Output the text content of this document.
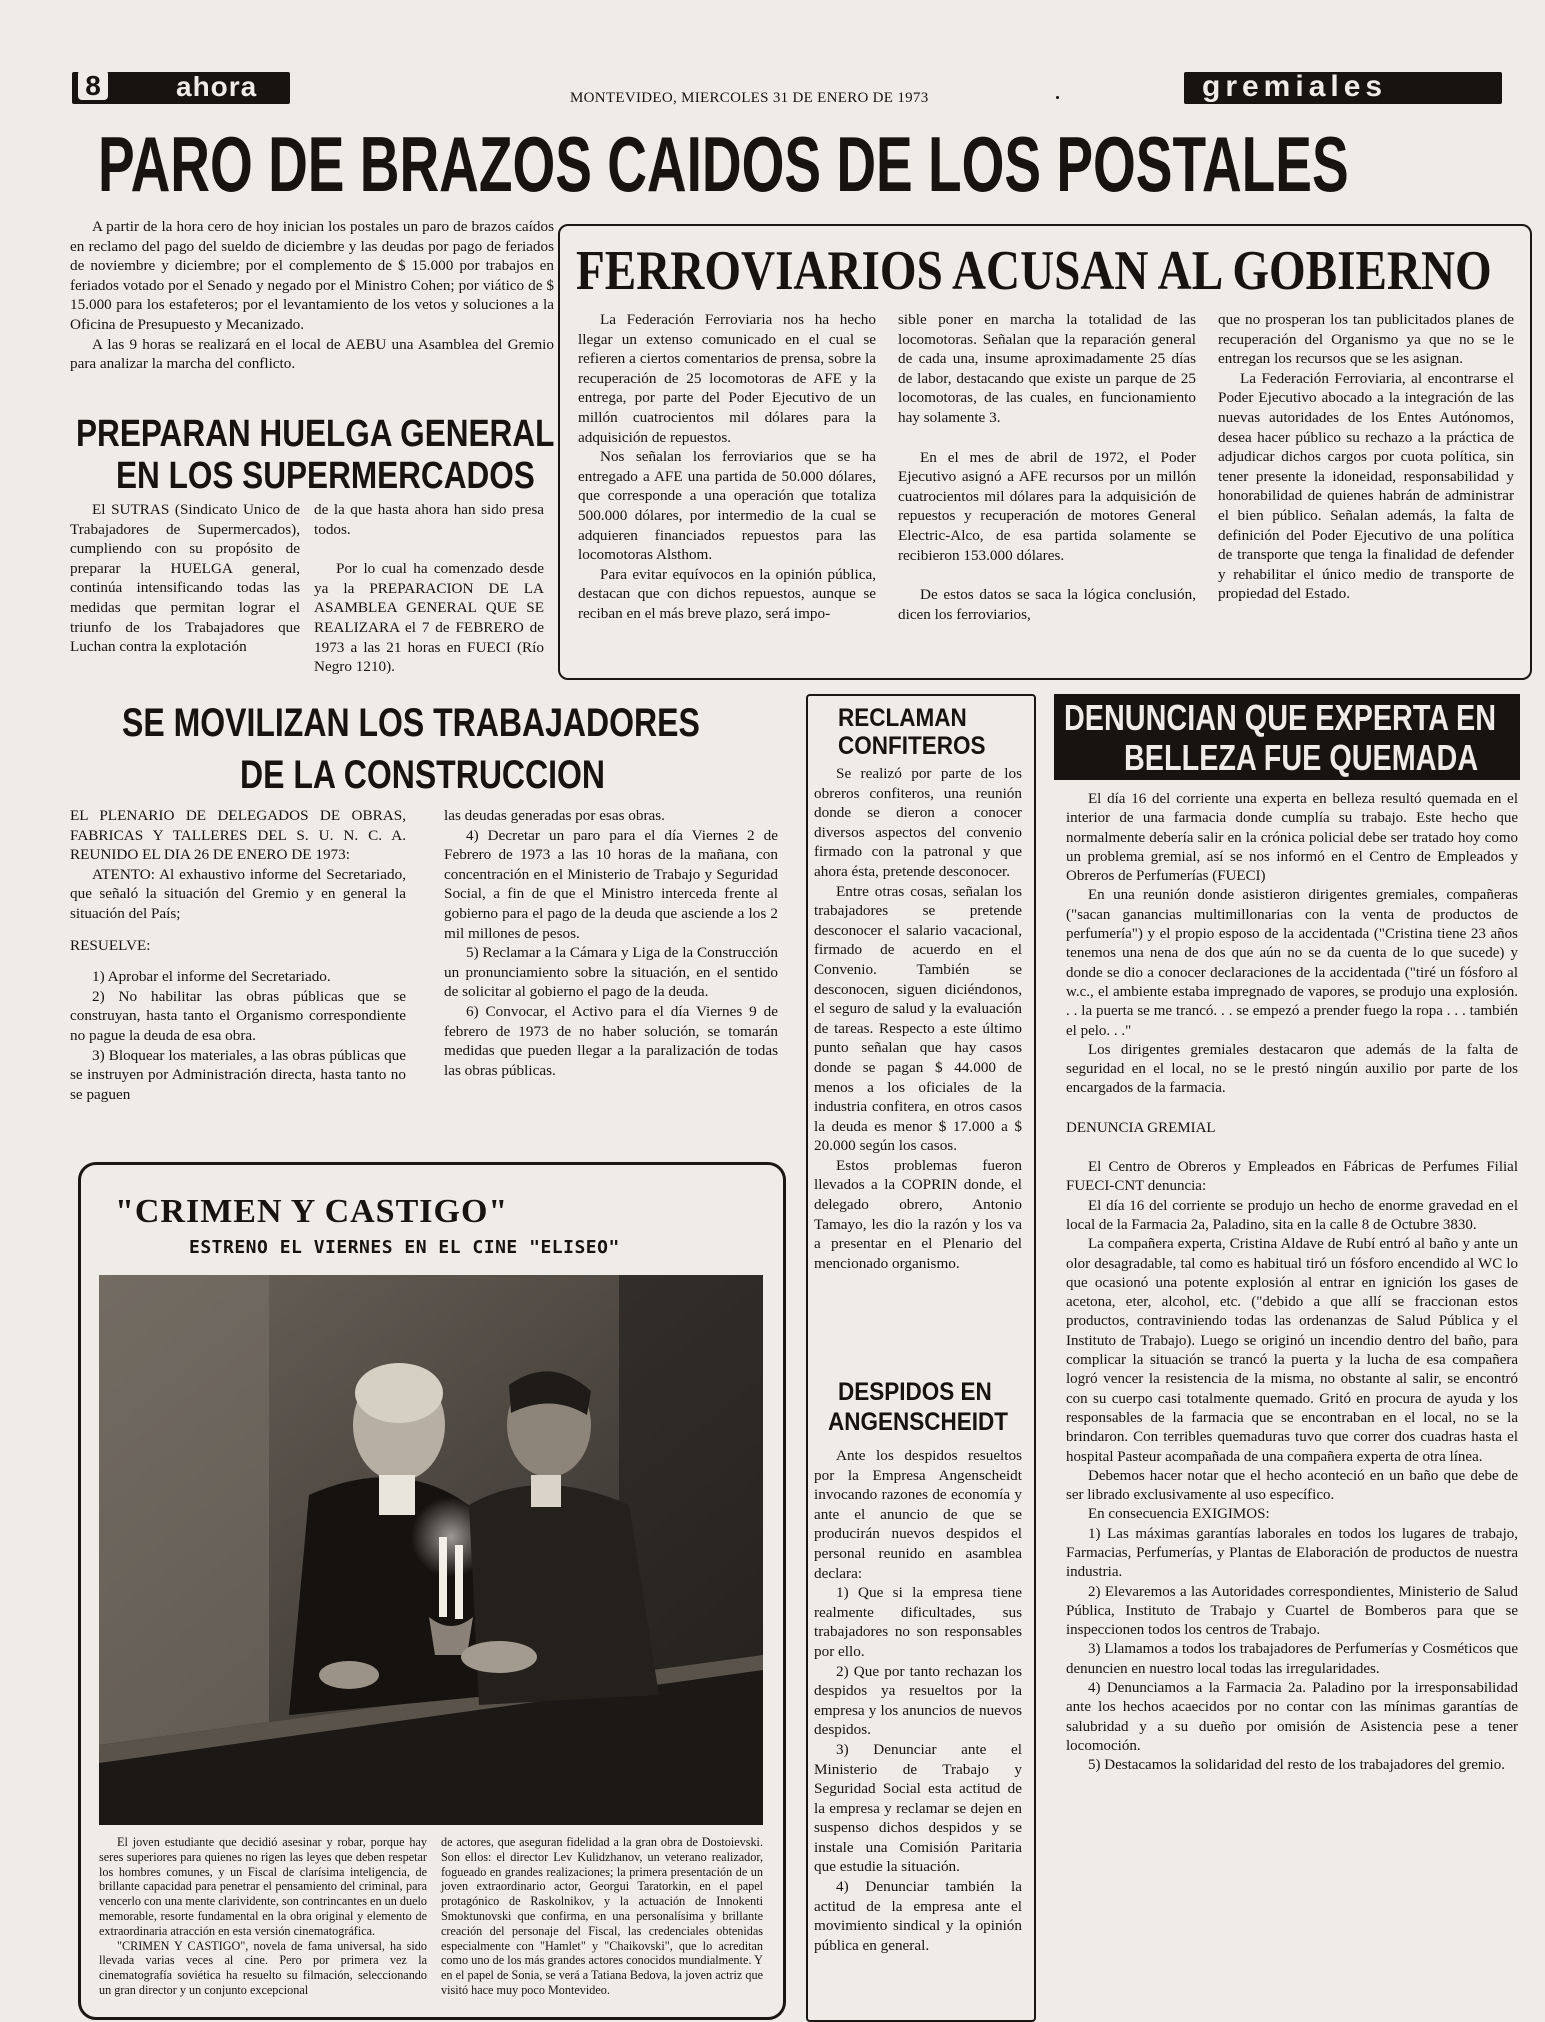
8	ahora	MONTEVIDEO, MIERCOLES 31 DE ENERO DE 1973	gremiales
PARO DE BRAZOS CAIDOS DE LOS POSTALES

A partir de la hora cero de hoy inician los postales un paro de brazos caídos en reclamo del pago del sueldo de diciembre y las deudas por pago de feriados de noviembre y diciembre; por el complemento de $ 15.000 por trabajos en feriados votado por el Senado y negado por el Ministro Cohen; por viático de $ 15.000 para los estafeteros; por el levantamiento de los vetos y soluciones a la Oficina de Presupuesto y Mecanizado.

A las 9 horas se realizará en el local de AEBU una Asamblea del Gremio para analizar la marcha del conflicto.

FERROVIARIOS ACUSAN AL GOBIERNO

La Federación Ferroviaria nos ha hecho llegar un extenso comunicado en el cual se refieren a ciertos comentarios de prensa, sobre la recuperación de 25 locomotoras de AFE y la entrega, por parte del Poder Ejecutivo de un millón cuatrocientos mil dólares para la adquisición de repuestos.

Nos señalan los ferroviarios que se ha entregado a AFE una partida de 50.000 dólares, que corresponde a una operación que totaliza 500.000 dólares, por intermedio de la cual se adquieren financiados repuestos para las locomotoras Alsthom.

Para evitar equívocos en la opinión pública, destacan que con dichos repuestos, aunque se reciban en el más breve plazo, será impo-

sible poner en marcha la totalidad de las locomotoras. Señalan que la reparación general de cada una, insume aproximadamente 25 días de labor, destacando que existe un parque de 25 locomotoras, de las cuales, en funcionamiento hay solamente 3.

En el mes de abril de 1972, el Poder Ejecutivo asignó a AFE recursos por un millón cuatrocientos mil dólares para la adquisición de repuestos y recuperación de motores General Electric-Alco, de esa partida solamente se recibieron 153.000 dólares.

De estos datos se saca la lógica conclusión, dicen los ferroviarios,

que no prosperan los tan publicitados planes de recuperación del Organismo ya que no se le entregan los recursos que se les asignan.

La Federación Ferroviaria, al encontrarse el Poder Ejecutivo abocado a la integración de las nuevas autoridades de los Entes Autónomos, desea hacer público su rechazo a la práctica de adjudicar dichos cargos por cuota política, sin tener presente la idoneidad, responsabilidad y honorabilidad de quienes habrán de administrar el bien público. Señalan además, la falta de definición del Poder Ejecutivo de una política de transporte que tenga la finalidad de defender y rehabilitar el único medio de transporte de propiedad del Estado.

PREPARAN HUELGA GENERAL
EN LOS SUPERMERCADOS

El SUTRAS (Sindicato Unico de Trabajadores de Supermercados), cumpliendo con su propósito de preparar la HUELGA general, continúa intensificando todas las medidas que permitan lograr el triunfo de los Trabajadores que Luchan contra la explotación

de la que hasta ahora han sido presa todos.

Por lo cual ha comenzado desde ya la PREPARACION DE LA ASAMBLEA GENERAL QUE SE REALIZARA el 7 de FEBRERO de 1973 a las 21 horas en FUECI (Río Negro 1210).

SE MOVILIZAN LOS TRABAJADORES
DE LA CONSTRUCCION

EL PLENARIO DE DELEGADOS DE OBRAS, FABRICAS Y TALLERES DEL S. U. N. C. A. REUNIDO EL DIA 26 DE ENERO DE 1973:

ATENTO: Al exhaustivo informe del Secretariado, que señaló la situación del Gremio y en general la situación del País;

RESUELVE:

1) Aprobar el informe del Secretariado.

2) No habilitar las obras públicas que se construyan, hasta tanto el Organismo correspondiente no pague la deuda de esa obra.

3) Bloquear los materiales, a las obras públicas que se instruyen por Administración directa, hasta tanto no se paguen

las deudas generadas por esas obras.

4) Decretar un paro para el día Viernes 2 de Febrero de 1973 a las 10 horas de la mañana, con concentración en el Ministerio de Trabajo y Seguridad Social, a fin de que el Ministro interceda frente al gobierno para el pago de la deuda que asciende a los 2 mil millones de pesos.

5) Reclamar a la Cámara y Liga de la Construcción un pronunciamiento sobre la situación, en el sentido de solicitar al gobierno el pago de la deuda.

6) Convocar, el Activo para el día Viernes 9 de febrero de 1973 de no haber solución, se tomarán medidas que pueden llegar a la paralización de todas las obras públicas.

RECLAMAN
CONFITEROS

Se realizó por parte de los obreros confiteros, una reunión donde se dieron a conocer diversos aspectos del convenio firmado con la patronal y que ahora ésta, pretende desconocer.

Entre otras cosas, señalan los trabajadores se pretende desconocer el salario vacacional, firmado de acuerdo en el Convenio. También se desconocen, siguen diciéndonos, el seguro de salud y la evaluación de tareas. Respecto a este último punto señalan que hay casos donde se pagan $ 44.000 de menos a los oficiales de la industria confitera, en otros casos la deuda es menor $ 17.000 a $ 20.000 según los casos.

Estos problemas fueron llevados a la COPRIN donde, el delegado obrero, Antonio Tamayo, les dio la razón y los va a presentar en el Plenario del mencionado organismo.

DESPIDOS EN
ANGENSCHEIDT

Ante los despidos resueltos por la Empresa Angenscheidt invocando razones de economía y ante el anuncio de que se producirán nuevos despidos el personal reunido en asamblea declara:

1) Que si la empresa tiene realmente dificultades, sus trabajadores no son responsables por ello.

2) Que por tanto rechazan los despidos ya resueltos por la empresa y los anuncios de nuevos despidos.

3) Denunciar ante el Ministerio de Trabajo y Seguridad Social esta actitud de la empresa y reclamar se dejen en suspenso dichos despidos y se instale una Comisión Paritaria que estudie la situación.

4) Denunciar también la actitud de la empresa ante el movimiento sindical y la opinión pública en general.

DENUNCIAN QUE EXPERTA EN
BELLEZA FUE QUEMADA

El día 16 del corriente una experta en belleza resultó quemada en el interior de una farmacia donde cumplía su trabajo. Este hecho que normalmente debería salir en la crónica policial debe ser tratado hoy como un problema gremial, así se nos informó en el Centro de Empleados y Obreros de Perfumerías (FUECI)

En una reunión donde asistieron dirigentes gremiales, compañeras ("sacan ganancias multimillonarias con la venta de productos de perfumería") y el propio esposo de la accidentada ("Cristina tiene 23 años tenemos una nena de dos que aún no se da cuenta de lo que sucede) y donde se dio a conocer declaraciones de la accidentada ("tiré un fósforo al w.c., el ambiente estaba impregnado de vapores, se produjo una explosión. . . la puerta se me trancó. . . se empezó a prender fuego la ropa . . . también el pelo. . ."

Los dirigentes gremiales destacaron que además de la falta de seguridad en el local, no se le prestó ningún auxilio por parte de los encargados de la farmacia.

DENUNCIA GREMIAL

El Centro de Obreros y Empleados en Fábricas de Perfumes Filial FUECI-CNT denuncia:

El día 16 del corriente se produjo un hecho de enorme gravedad en el local de la Farmacia 2a, Paladino, sita en la calle 8 de Octubre 3830.

La compañera experta, Cristina Aldave de Rubí entró al baño y ante un olor desagradable, tal como es habitual tiró un fósforo encendido al WC lo que ocasionó una potente explosión al entrar en ignición los gases de acetona, eter, alcohol, etc. ("debido a que allí se fraccionan estos productos, contraviniendo todas las ordenanzas de Salud Pública y el Instituto de Trabajo). Luego se originó un incendio dentro del baño, para complicar la situación se trancó la puerta y la lucha de esa compañera logró vencer la resistencia de la misma, no obstante al salir, se encontró con su cuerpo casi totalmente quemado. Gritó en procura de ayuda y los responsables de la farmacia que se encontraban en el local, no se la brindaron. Con terribles quemaduras tuvo que correr dos cuadras hasta el hospital Pasteur acompañada de una compañera experta de otra línea.

Debemos hacer notar que el hecho aconteció en un baño que debe de ser librado exclusivamente al uso específico.

En consecuencia EXIGIMOS:

1) Las máximas garantías laborales en todos los lugares de trabajo, Farmacias, Perfumerías, y Plantas de Elaboración de productos de nuestra industria.

2) Elevaremos a las Autoridades correspondientes, Ministerio de Salud Pública, Instituto de Trabajo y Cuartel de Bomberos para que se inspeccionen todos los centros de Trabajo.

3) Llamamos a todos los trabajadores de Perfumerías y Cosméticos que denuncien en nuestro local todas las irregularidades.

4) Denunciamos a la Farmacia 2a. Paladino por la irresponsabilidad ante los hechos acaecidos por no contar con las mínimas garantías de salubridad y a su dueño por omisión de Asistencia pese a tener locomoción.

5) Destacamos la solidaridad del resto de los trabajadores del gremio.

"CRIMEN Y CASTIGO"
ESTRENO EL VIERNES EN EL CINE "ELISEO"

El joven estudiante que decidió asesinar y robar, porque hay seres superiores para quienes no rigen las leyes que deben respetar los hombres comunes, y un Fiscal de clarísima inteligencia, de brillante capacidad para penetrar el pensamiento del criminal, para vencerlo con una mente clarividente, son contrincantes en un duelo memorable, resorte fundamental en la obra original y elemento de extraordinaria atracción en esta versión cinematográfica.

"CRIMEN Y CASTIGO", novela de fama universal, ha sido llevada varias veces al cine. Pero por primera vez la cinematografía soviética ha resuelto su filmación, seleccionando un gran director y un conjunto excepcional

de actores, que aseguran fidelidad a la gran obra de Dostoievski. Son ellos: el director Lev Kulidzhanov, un veterano realizador, fogueado en grandes realizaciones; la primera presentación de un joven extraordinario actor, Georgui Taratorkin, en el papel protagónico de Raskolnikov, y la actuación de Innokenti Smoktunovski que confirma, en una personalísima y brillante creación del personaje del Fiscal, las credenciales obtenidas especialmente con "Hamlet" y "Chaikovski", que lo acreditan como uno de los más grandes actores conocidos mundialmente. Y en el papel de Sonia, se verá a Tatiana Bedova, la joven actriz que visitó hace muy poco Montevideo.
